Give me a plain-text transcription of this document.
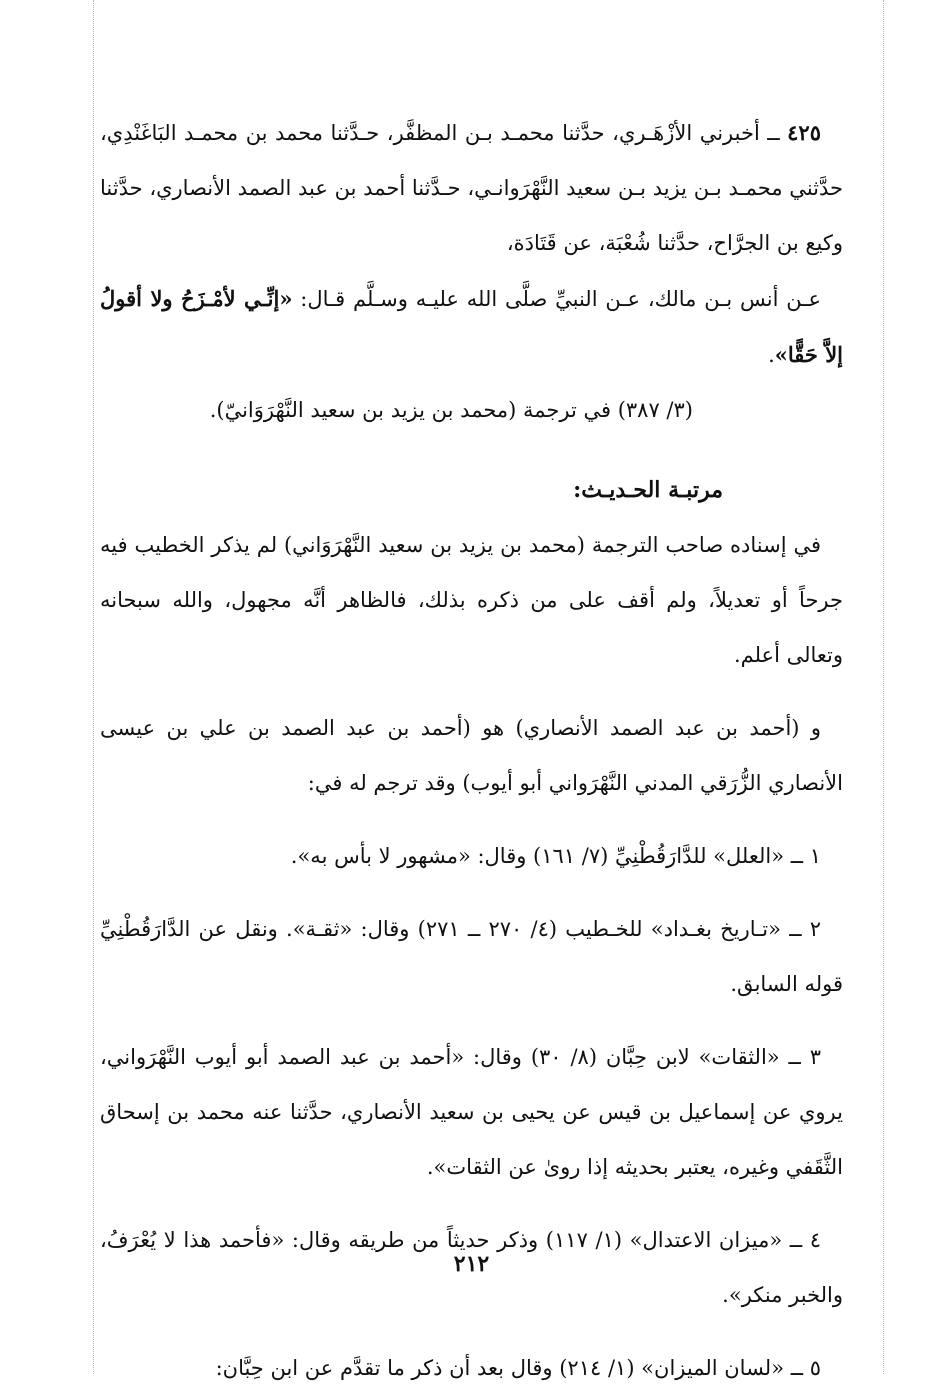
٤٢٥ ــ أخبرني الأزْهَـري، حدَّثنا محمـد بـن المظفَّر، حـدَّثنا محمد بن محمـد البَاغَنْدِي، حدَّثني محمـد بـن يزيد بـن سعيد النَّهْرَوانـي، حـدَّثنا أحمد بن عبد الصمد الأنصاري، حدَّثنا وكيع بن الجرَّاح، حدَّثنا شُعْبَة، عن قَتَادَة،

عـن أنس بـن مالك، عـن النبيِّ صلَّى الله عليـه وسـلَّم قـال: «إنِّـي لأمْـزَحُ ولا أقولُ إلاَّ حَقًّا».

(٣/ ٣٨٧) في ترجمة (محمد بن يزيد بن سعيد النَّهْرَوَانيّ).

مرتبـة الحـديـث:

في إسناده صاحب الترجمة (محمد بن يزيد بن سعيد النَّهْرَوَاني) لم يذكر الخطيب فيه جرحاً أو تعديلاً، ولم أقف على من ذكره بذلك، فالظاهر أنَّه مجهول، والله سبحانه وتعالى أعلم.

و (أحمد بن عبد الصمد الأنصاري) هو (أحمد بن عبد الصمد بن علي بن عيسى الأنصاري الزُّرَقي المدني النَّهْرَواني أبو أيوب) وقد ترجم له في:

١ ــ «العلل» للدَّارَقُطْنِيِّ (٧/ ١٦١) وقال: «مشهور لا بأس به».

٢ ــ «تـاريخ بغـداد» للخـطيب (٤/ ٢٧٠ ــ ٢٧١) وقال: «ثقـة». ونقل عن الدَّارَقُطْنِيِّ قوله السابق.

٣ ــ «الثقات» لابن حِبَّان (٨/ ٣٠) وقال: «أحمد بن عبد الصمد أبو أيوب النَّهْرَواني، يروي عن إسماعيل بن قيس عن يحيى بن سعيد الأنصاري، حدَّثنا عنه محمد بن إسحاق الثَّقَفي وغيره، يعتبر بحديثه إذا روىٰ عن الثقات».

٤ ــ «ميزان الاعتدال» (١/ ١١٧) وذكر حديثاً من طريقه وقال: «فأحمد هذا لا يُعْرَفُ، والخبر منكر».

٥ ــ «لسان الميزان» (١/ ٢١٤) وقال بعد أن ذكر ما تقدَّم عن ابن حِبَّان:

٢١٢
